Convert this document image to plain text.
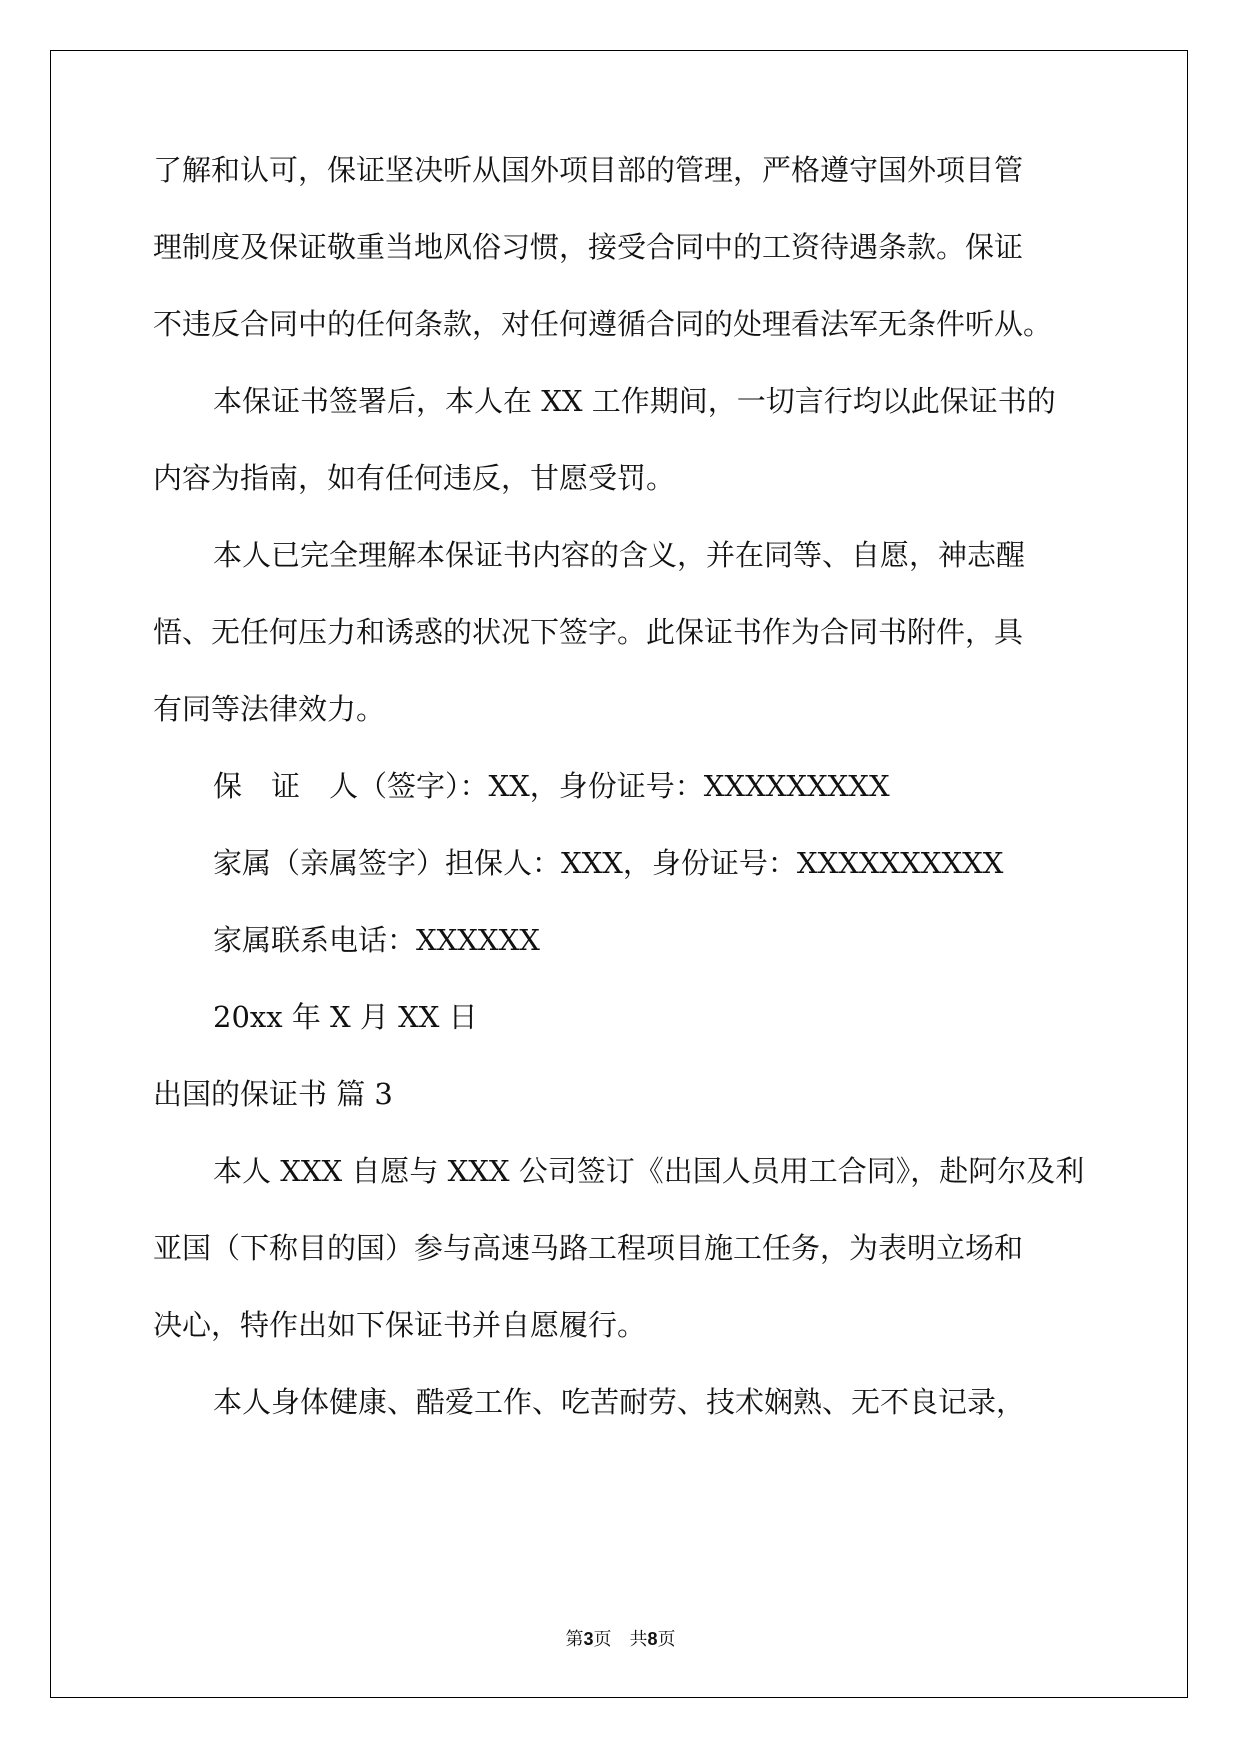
了解和认可，保证坚决听从国外项目部的管理，严格遵守国外项目管

理制度及保证敬重当地风俗习惯，接受合同中的工资待遇条款。保证

不违反合同中的任何条款，对任何遵循合同的处理看法军无条件听从。

本保证书签署后，本人在 XX 工作期间，一切言行均以此保证书的

内容为指南，如有任何违反，甘愿受罚。

本人已完全理解本保证书内容的含义，并在同等、自愿，神志醒

悟、无任何压力和诱惑的状况下签字。此保证书作为合同书附件，具

有同等法律效力。

保　证　人（签字）：XX，身份证号：XXXXXXXXX

家属（亲属签字）担保人：XXX，身份证号：XXXXXXXXXX

家属联系电话：XXXXXX

20xx 年 X 月 XX 日

出国的保证书 篇 3

本人 XXX 自愿与 XXX 公司签订《出国人员用工合同》，赴阿尔及利

亚国（下称目的国）参与高速马路工程项目施工任务，为表明立场和

决心，特作出如下保证书并自愿履行。

本人身体健康、酷爱工作、吃苦耐劳、技术娴熟、无不良记录，

第3页　共8页
